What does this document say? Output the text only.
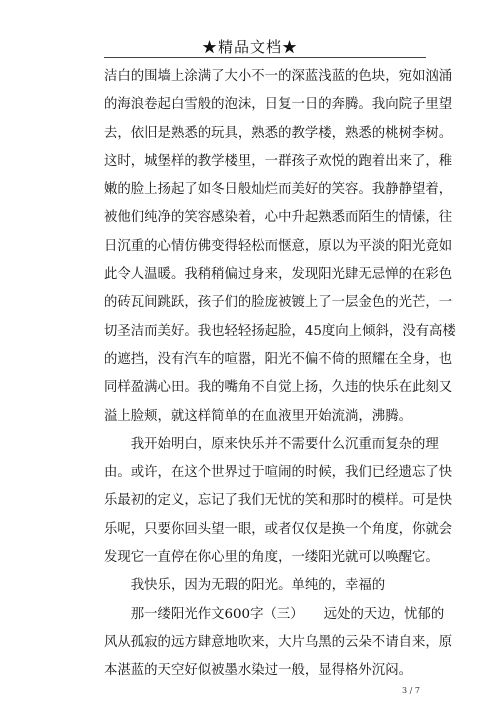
★精品文档★
洁白的围墙上涂满了大小不一的深蓝浅蓝的色块，宛如汹涌
的海浪卷起白雪般的泡沫，日复一日的奔腾。我向院子里望
去，依旧是熟悉的玩具，熟悉的教学楼，熟悉的桃树李树。
这时，城堡样的教学楼里，一群孩子欢悦的跑着出来了，稚
嫩的脸上扬起了如冬日般灿烂而美好的笑容。我静静望着，
被他们纯净的笑容感染着，心中升起熟悉而陌生的情愫，往
日沉重的心情仿佛变得轻松而惬意，原以为平淡的阳光竟如
此令人温暖。我稍稍偏过身来，发现阳光肆无忌惮的在彩色
的砖瓦间跳跃，孩子们的脸庞被镀上了一层金色的光芒，一
切圣洁而美好。我也轻轻扬起脸，45度向上倾斜，没有高楼
的遮挡，没有汽车的喧嚣，阳光不偏不倚的照耀在全身，也
同样盈满心田。我的嘴角不自觉上扬，久违的快乐在此刻又
溢上脸颊，就这样简单的在血液里开始流淌，沸腾。
　　我开始明白，原来快乐并不需要什么沉重而复杂的理
由。或许，在这个世界过于喧闹的时候，我们已经遗忘了快
乐最初的定义，忘记了我们无忧的笑和那时的模样。可是快
乐呢，只要你回头望一眼，或者仅仅是换一个角度，你就会
发现它一直停在你心里的角度，一缕阳光就可以唤醒它。
　　我快乐，因为无瑕的阳光。单纯的，幸福的
　　那一缕阳光作文600字（三）　　远处的天边，忧郁的
风从孤寂的远方肆意地吹来，大片乌黑的云朵不请自来，原
本湛蓝的天空好似被墨水染过一般，显得格外沉闷。
3 / 7
